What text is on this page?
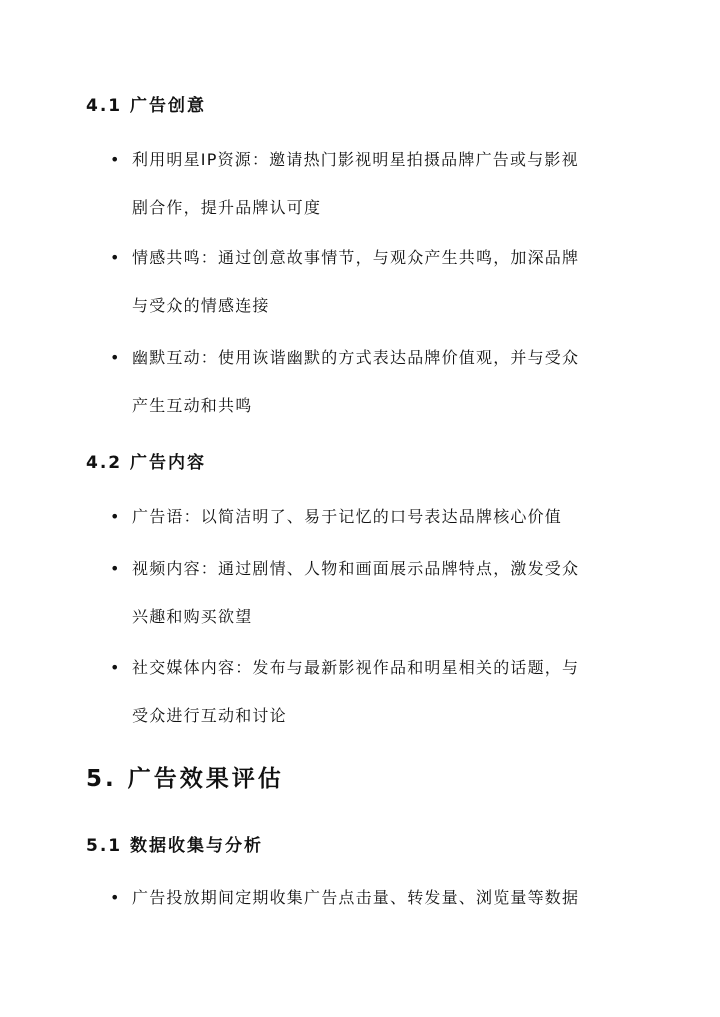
4.1 广告创意
• 利用明星IP资源：邀请热门影视明星拍摄品牌广告或与影视
剧合作，提升品牌认可度
• 情感共鸣：通过创意故事情节，与观众产生共鸣，加深品牌
与受众的情感连接
• 幽默互动：使用诙谐幽默的方式表达品牌价值观，并与受众
产生互动和共鸣
4.2 广告内容
• 广告语：以简洁明了、易于记忆的口号表达品牌核心价值
• 视频内容：通过剧情、人物和画面展示品牌特点，激发受众
兴趣和购买欲望
• 社交媒体内容：发布与最新影视作品和明星相关的话题，与
受众进行互动和讨论
5. 广告效果评估
5.1 数据收集与分析
• 广告投放期间定期收集广告点击量、转发量、浏览量等数据
